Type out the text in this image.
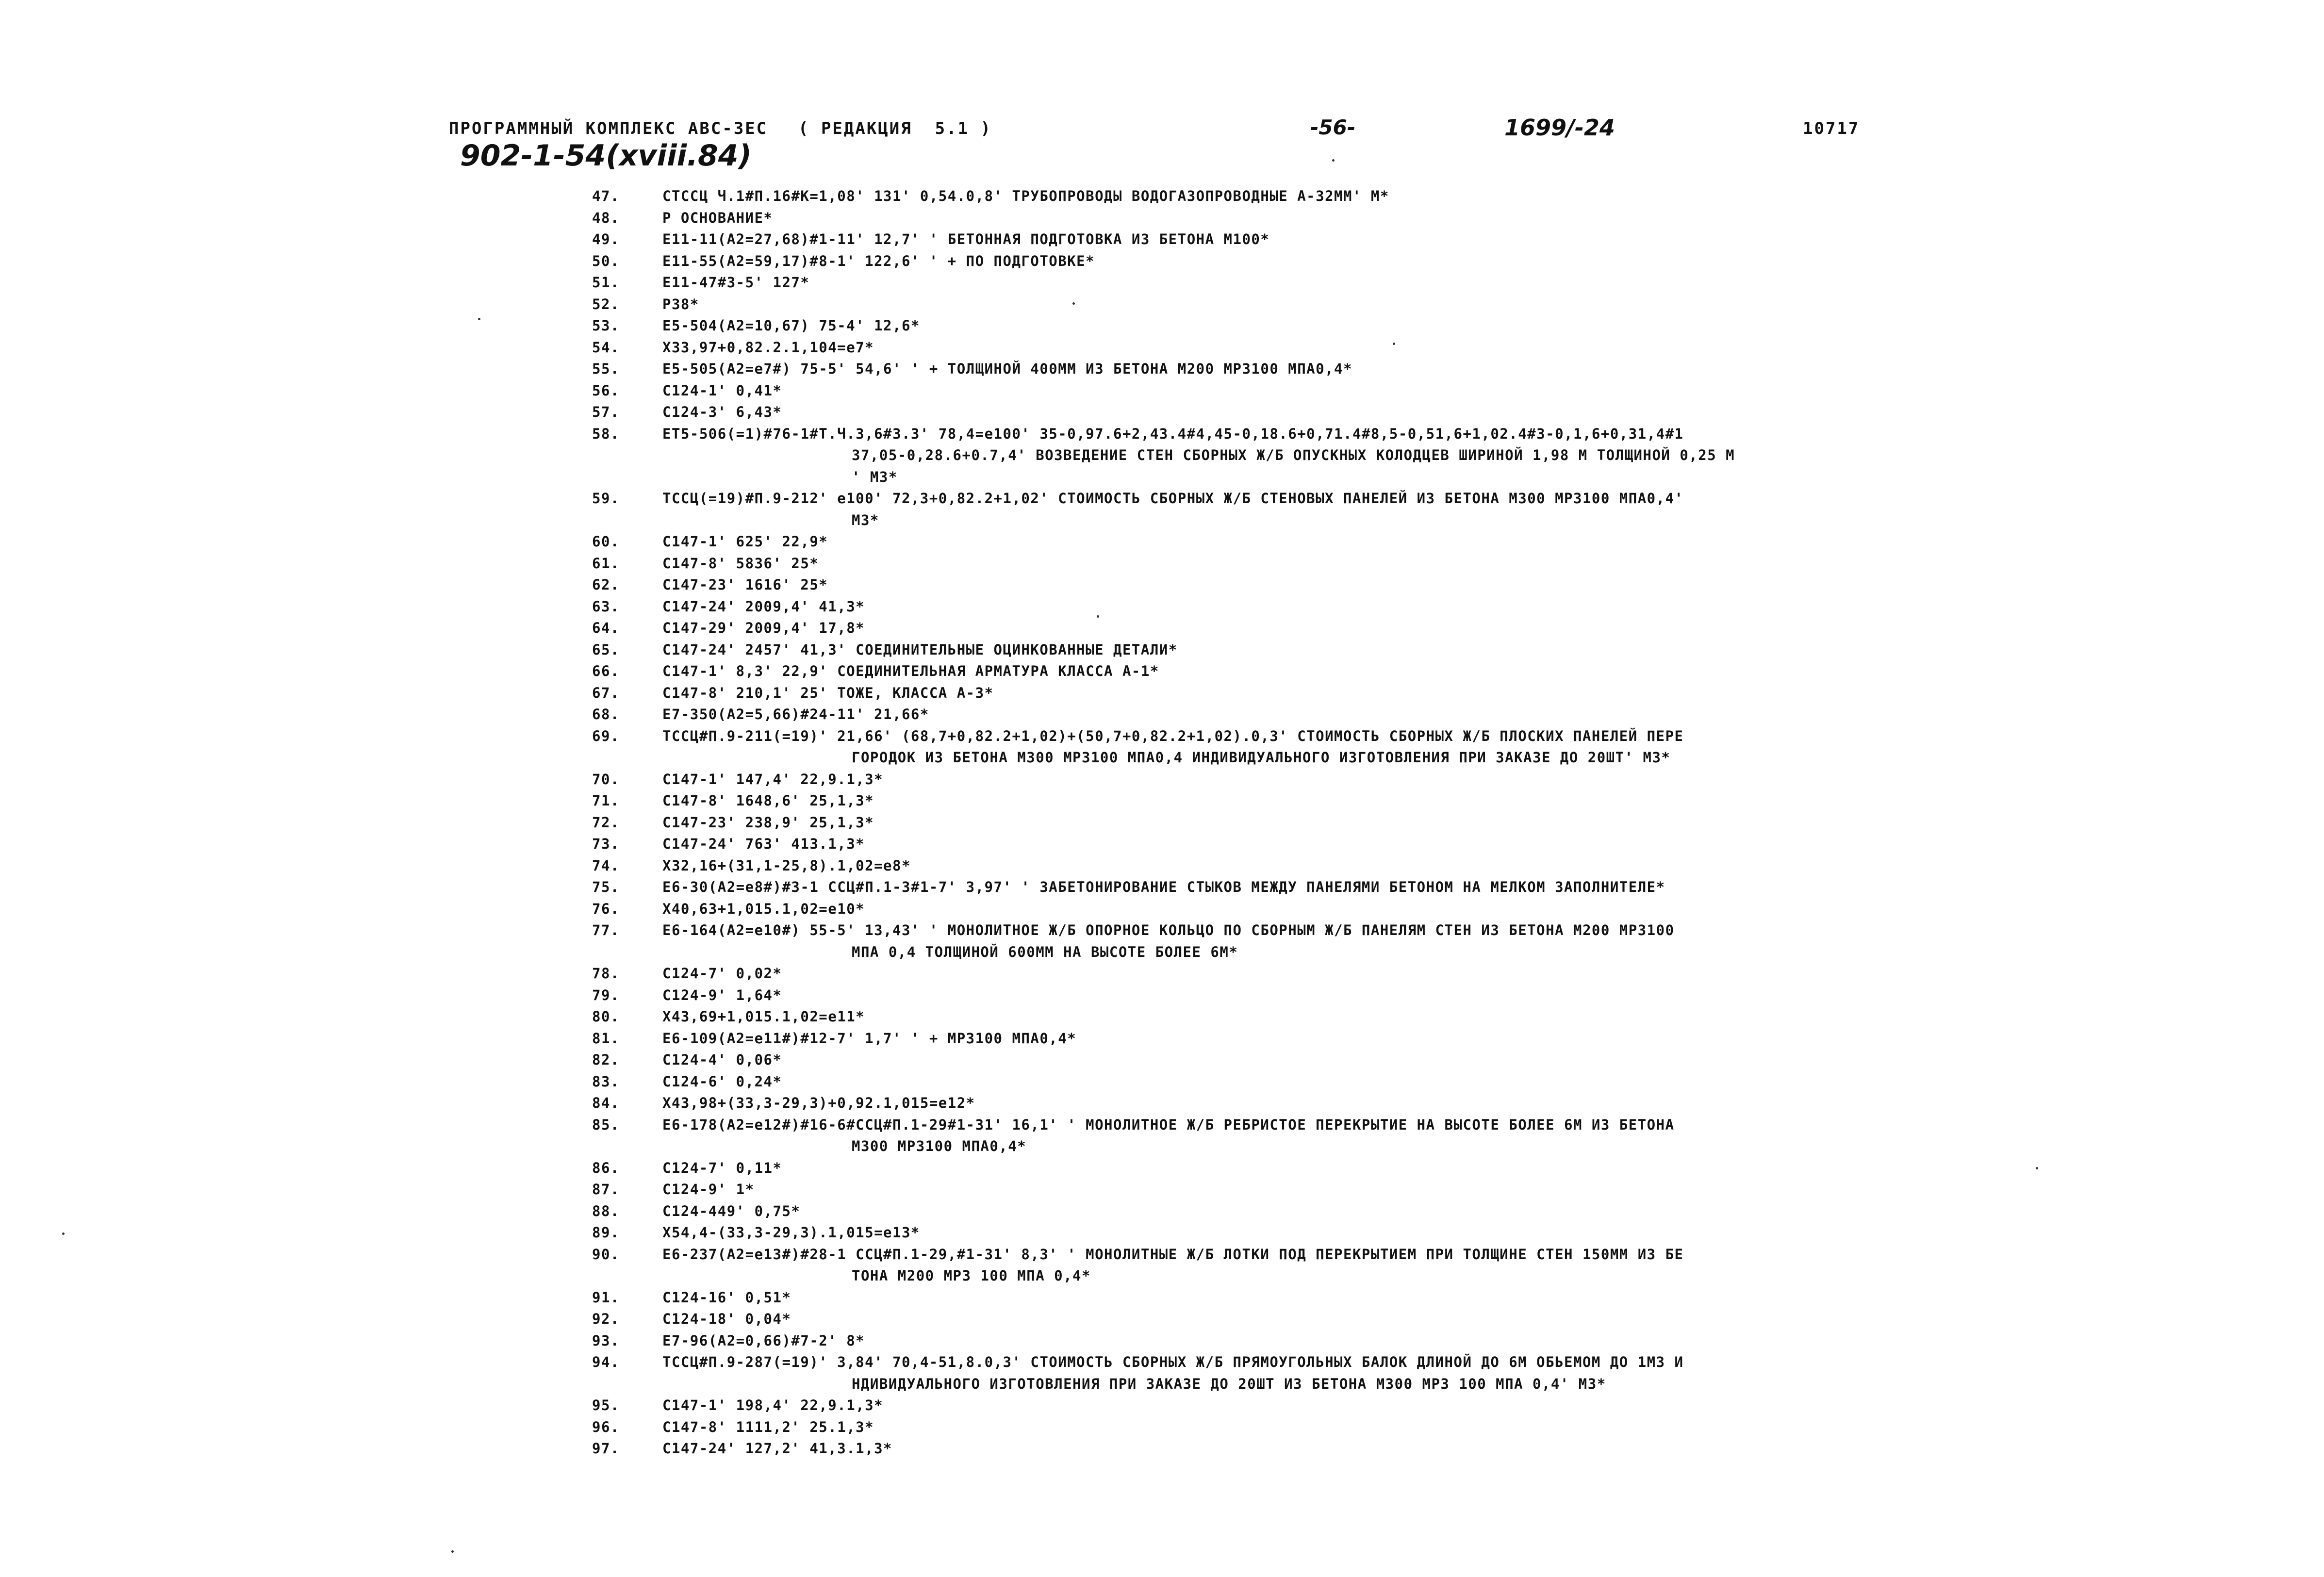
ПРОГРАММНЫЙ КОМПЛЕКС АВС-3ЕС ( РЕДАКЦИЯ  5.1 )	-56-	1699/-24	10717
902-1-54(xviii.84)
47.	СТССЦ Ч.1#П.16#К=1,08' 131' 0,54.0,8' ТРУБОПРОВОДЫ ВОДОГАЗОПРОВОДНЫЕ А-32ММ' М*
48.	Р ОСНОВАНИЕ*
49.	Е11-11(А2=27,68)#1-11' 12,7' ' БЕТОННАЯ ПОДГОТОВКА ИЗ БЕТОНА М100*
50.	Е11-55(А2=59,17)#8-1' 122,6' ' + ПО ПОДГОТОВКЕ*
51.	Е11-47#3-5' 127*
52.	Р38*
53.	Е5-504(А2=10,67) 75-4' 12,6*
54.	Х33,97+0,82.2.1,104=е7*
55.	Е5-505(А2=е7#) 75-5' 54,6' ' + ТОЛЩИНОЙ 400ММ ИЗ БЕТОНА М200 МРЗ100 МПА0,4*
56.	С124-1' 0,41*
57.	С124-3' 6,43*
58.	ЕТ5-506(=1)#76-1#Т.Ч.3,6#3.3' 78,4=е100' 35-0,97.6+2,43.4#4,45-0,18.6+0,71.4#8,5-0,51,6+1,02.4#3-0,1,6+0,31,4#1
37,05-0,28.6+0.7,4' ВОЗВЕДЕНИЕ СТЕН СБОРНЫХ Ж/Б ОПУСКНЫХ КОЛОДЦЕВ ШИРИНОЙ 1,98 М ТОЛЩИНОЙ 0,25 М
' М3*
59.	ТССЦ(=19)#П.9-212' е100' 72,3+0,82.2+1,02' СТОИМОСТЬ СБОРНЫХ Ж/Б СТЕНОВЫХ ПАНЕЛЕЙ ИЗ БЕТОНА М300 МРЗ100 МПА0,4'
М3*
60.	С147-1' 625' 22,9*
61.	С147-8' 5836' 25*
62.	С147-23' 1616' 25*
63.	С147-24' 2009,4' 41,3*
64.	С147-29' 2009,4' 17,8*
65.	С147-24' 2457' 41,3' СОЕДИНИТЕЛЬНЫЕ ОЦИНКОВАННЫЕ ДЕТАЛИ*
66.	С147-1' 8,3' 22,9' СОЕДИНИТЕЛЬНАЯ АРМАТУРА КЛАССА А-1*
67.	С147-8' 210,1' 25' ТОЖЕ, КЛАССА А-3*
68.	Е7-350(А2=5,66)#24-11' 21,66*
69.	ТССЦ#П.9-211(=19)' 21,66' (68,7+0,82.2+1,02)+(50,7+0,82.2+1,02).0,3' СТОИМОСТЬ СБОРНЫХ Ж/Б ПЛОСКИХ ПАНЕЛЕЙ ПЕРЕ
ГОРОДОК ИЗ БЕТОНА М300 МРЗ100 МПА0,4 ИНДИВИДУАЛЬНОГО ИЗГОТОВЛЕНИЯ ПРИ ЗАКАЗЕ ДО 20ШТ' М3*
70.	С147-1' 147,4' 22,9.1,3*
71.	С147-8' 1648,6' 25,1,3*
72.	С147-23' 238,9' 25,1,3*
73.	С147-24' 763' 413.1,3*
74.	Х32,16+(31,1-25,8).1,02=е8*
75.	Е6-30(А2=е8#)#3-1 ССЦ#П.1-3#1-7' 3,97' ' ЗАБЕТОНИРОВАНИЕ СТЫКОВ МЕЖДУ ПАНЕЛЯМИ БЕТОНОМ НА МЕЛКОМ ЗАПОЛНИТЕЛЕ*
76.	Х40,63+1,015.1,02=е10*
77.	Е6-164(А2=е10#) 55-5' 13,43' ' МОНОЛИТНОЕ Ж/Б ОПОРНОЕ КОЛЬЦО ПО СБОРНЫМ Ж/Б ПАНЕЛЯМ СТЕН ИЗ БЕТОНА М200 МРЗ100
МПА 0,4 ТОЛЩИНОЙ 600ММ НА ВЫСОТЕ БОЛЕЕ 6М*
78.	С124-7' 0,02*
79.	С124-9' 1,64*
80.	Х43,69+1,015.1,02=е11*
81.	Е6-109(А2=е11#)#12-7' 1,7' ' + МРЗ100 МПА0,4*
82.	С124-4' 0,06*
83.	С124-6' 0,24*
84.	Х43,98+(33,3-29,3)+0,92.1,015=е12*
85.	Е6-178(А2=е12#)#16-6#ССЦ#П.1-29#1-31' 16,1' ' МОНОЛИТНОЕ Ж/Б РЕБРИСТОЕ ПЕРЕКРЫТИЕ НА ВЫСОТЕ БОЛЕЕ 6М ИЗ БЕТОНА
М300 МРЗ100 МПА0,4*
86.	С124-7' 0,11*
87.	С124-9' 1*
88.	С124-449' 0,75*
89.	Х54,4-(33,3-29,3).1,015=е13*
90.	Е6-237(А2=е13#)#28-1 ССЦ#П.1-29,#1-31' 8,3' ' МОНОЛИТНЫЕ Ж/Б ЛОТКИ ПОД ПЕРЕКРЫТИЕМ ПРИ ТОЛЩИНЕ СТЕН 150ММ ИЗ БЕ
ТОНА М200 МРЗ 100 МПА 0,4*
91.	С124-16' 0,51*
92.	С124-18' 0,04*
93.	Е7-96(А2=0,66)#7-2' 8*
94.	ТССЦ#П.9-287(=19)' 3,84' 70,4-51,8.0,3' СТОИМОСТЬ СБОРНЫХ Ж/Б ПРЯМОУГОЛЬНЫХ БАЛОК ДЛИНОЙ ДО 6М ОБЬЕМОМ ДО 1М3 И
НДИВИДУАЛЬНОГО ИЗГОТОВЛЕНИЯ ПРИ ЗАКАЗЕ ДО 20ШТ ИЗ БЕТОНА М300 МРЗ 100 МПА 0,4' М3*
95.	С147-1' 198,4' 22,9.1,3*
96.	С147-8' 1111,2' 25.1,3*
97.	С147-24' 127,2' 41,3.1,3*
